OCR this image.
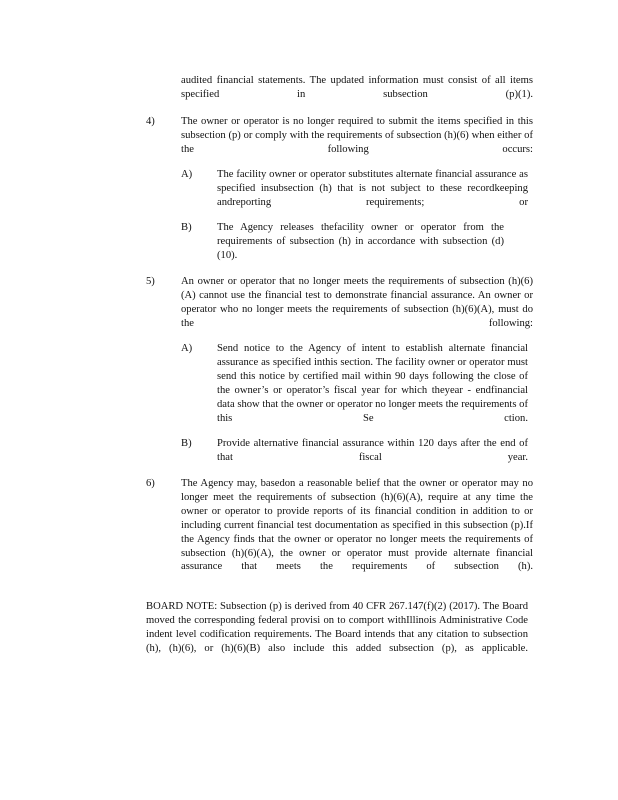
audited financial statements. The updated information must consist of all items specified in subsection (p)(1).
4) The owner or operator is no longer required to submit the items specified in this subsection (p) or comply with the requirements of subsection (h)(6) when either of the following occurs:
A) The facility owner or operator substitutes alternate financial assurance as specified insubsection (h) that is not subject to these recordkeeping andreporting requirements; or
B) The Agency releases thefacility owner or operator from the requirements of subsection (h) in accordance with subsection (d)(10).
5) An owner or operator that no longer meets the requirements of subsection (h)(6)(A) cannot use the financial test to demonstrate financial assurance. An owner or operator who no longer meets the requirements of subsection (h)(6)(A), must do the following:
A) Send notice to the Agency of intent to establish alternate financial assurance as specified inthis section. The facility owner or operator must send this notice by certified mail within 90 days following the close of the owner’s or operator’s fiscal year for which theyear - endfinancial data show that the owner or operator no longer meets the requirements of this Se ction.
B) Provide alternative financial assurance within 120 days after the end of that fiscal year.
6) The Agency may, basedon a reasonable belief that the owner or operator may no longer meet the requirements of subsection (h)(6)(A), require at any time the owner or operator to provide reports of its financial condition in addition to or including current financial test documentation as specified in this subsection (p).If the Agency finds that the owner or operator no longer meets the requirements of subsection (h)(6)(A), the owner or operator must provide alternate financial assurance that meets the requirements of subsection (h).
BOARD NOTE: Subsection (p) is derived from 40 CFR 267.147(f)(2) (2017). The Board moved the corresponding federal provisi on to comport withIllinois Administrative Code indent level codification requirements. The Board intends that any citation to subsection (h), (h)(6), or (h)(6)(B) also include this added subsection (p), as applicable.
